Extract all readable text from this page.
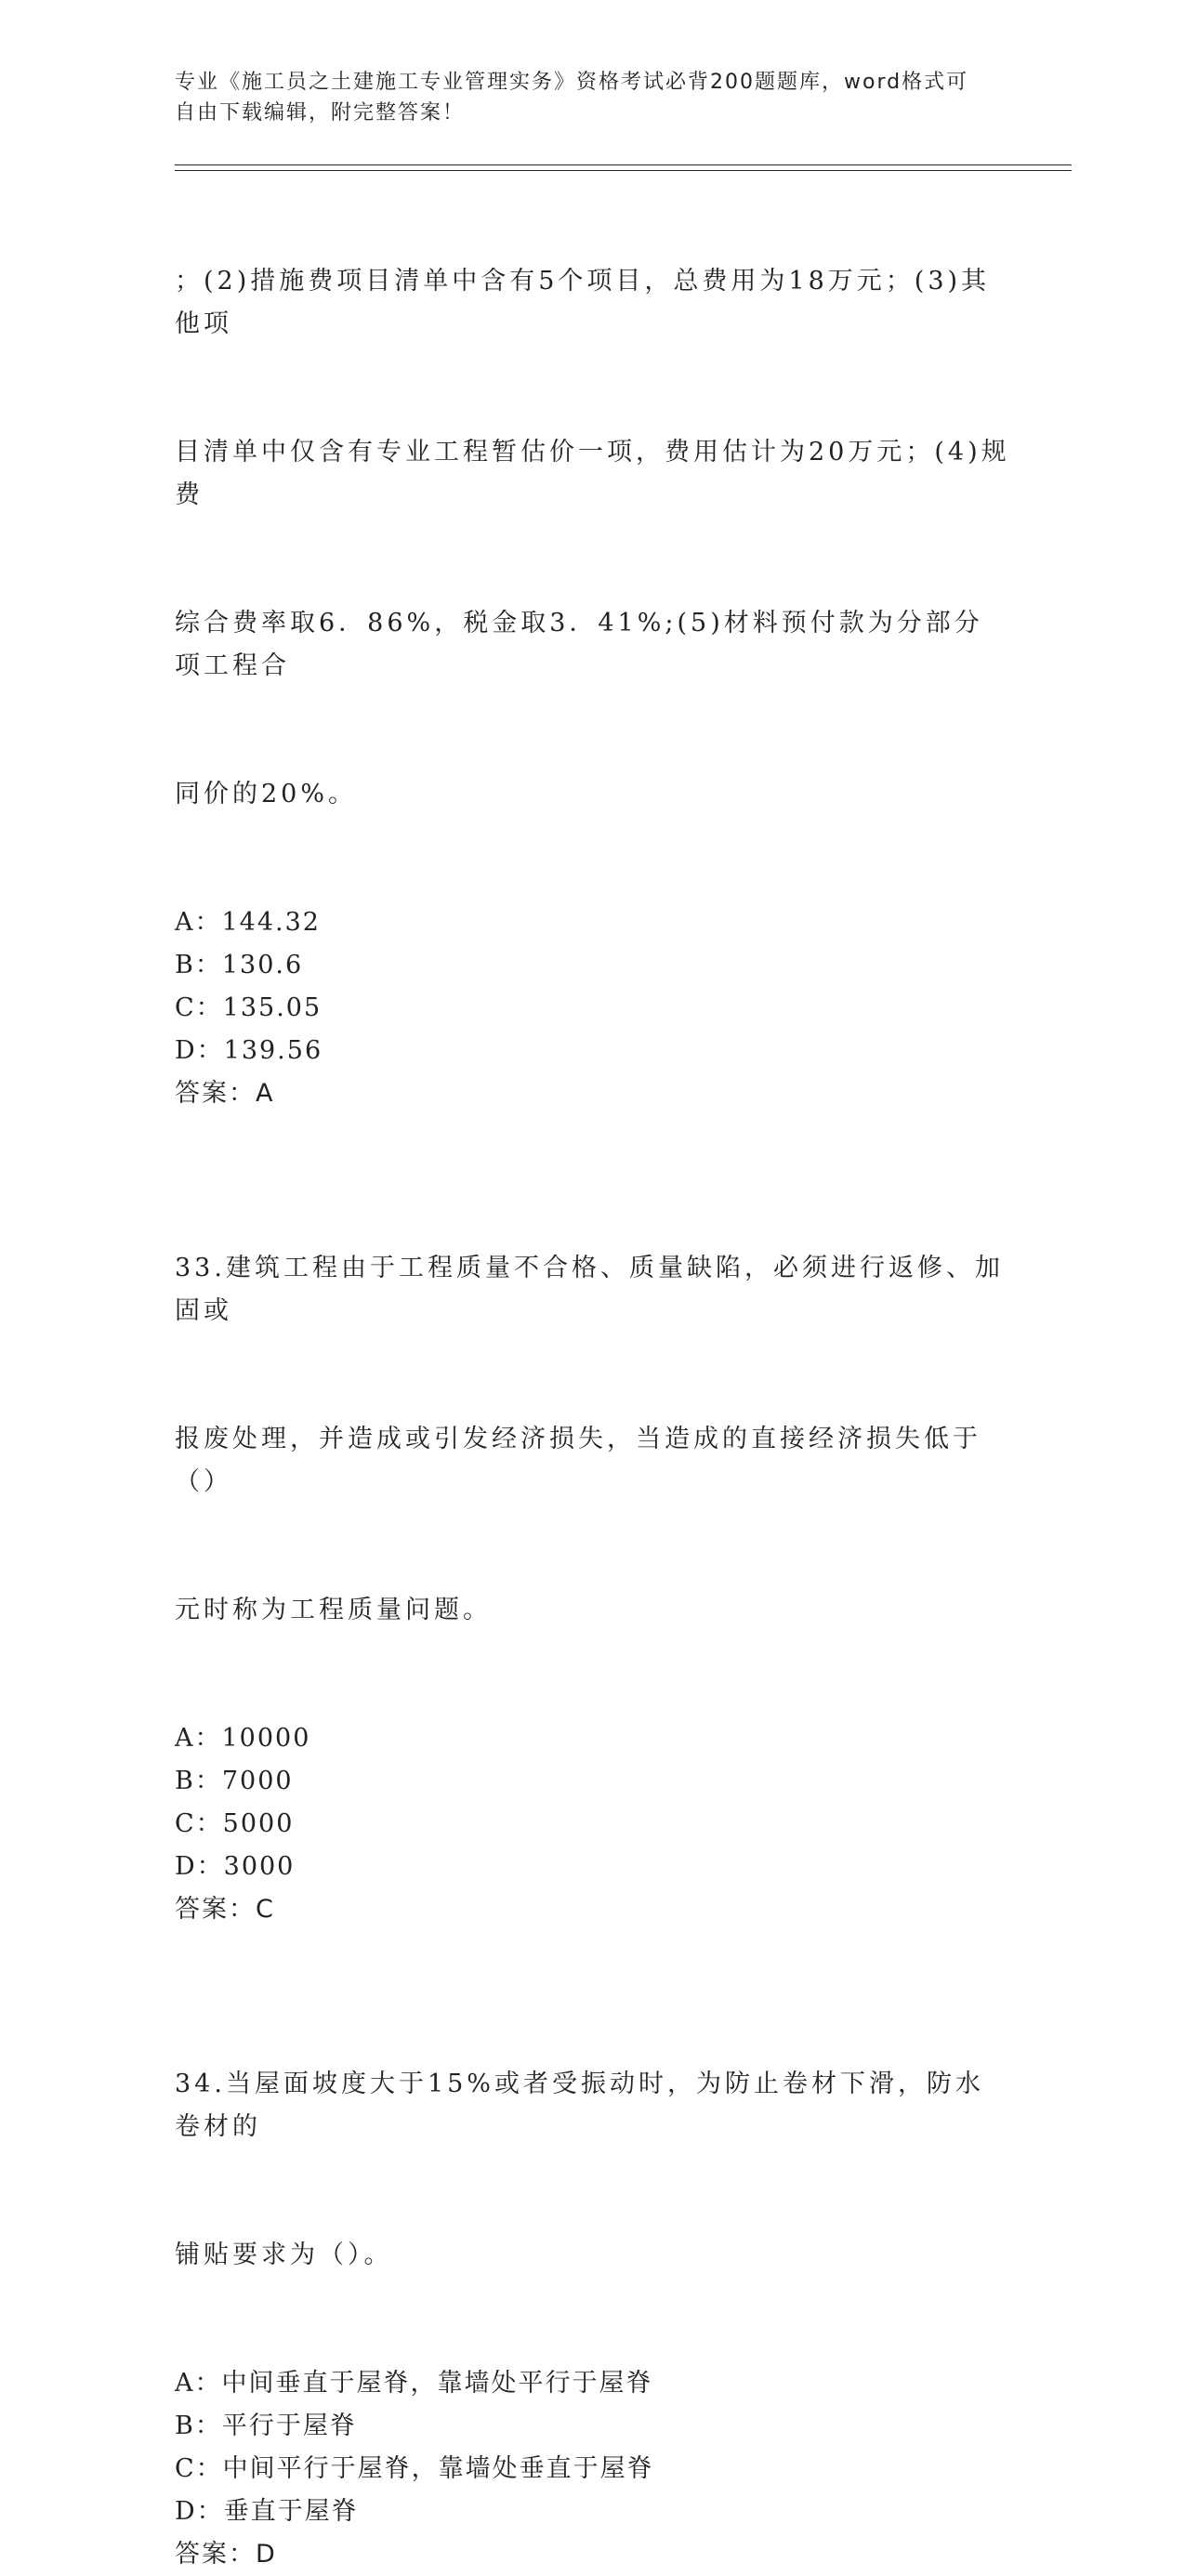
专业《施工员之土建施工专业管理实务》资格考试必背200题题库，word格式可
自由下载编辑，附完整答案！

；(2)措施费项目清单中含有5个项目，总费用为18万元；(3)其他项

目清单中仅含有专业工程暂估价一项，费用估计为20万元；(4)规费

综合费率取6．86%，税金取3．41%;(5)材料预付款为分部分项工程合

同价的20%。

A：144.32
B：130.6
C：135.05
D：139.56
答案：A

33.建筑工程由于工程质量不合格、质量缺陷，必须进行返修、加固或

报废处理，并造成或引发经济损失，当造成的直接经济损失低于（）

元时称为工程质量问题。

A：10000
B：7000
C：5000
D：3000
答案：C

34.当屋面坡度大于15%或者受振动时，为防止卷材下滑，防水卷材的

铺贴要求为（）。

A：中间垂直于屋脊，靠墙处平行于屋脊
B：平行于屋脊
C：中间平行于屋脊，靠墙处垂直于屋脊
D：垂直于屋脊
答案：D
